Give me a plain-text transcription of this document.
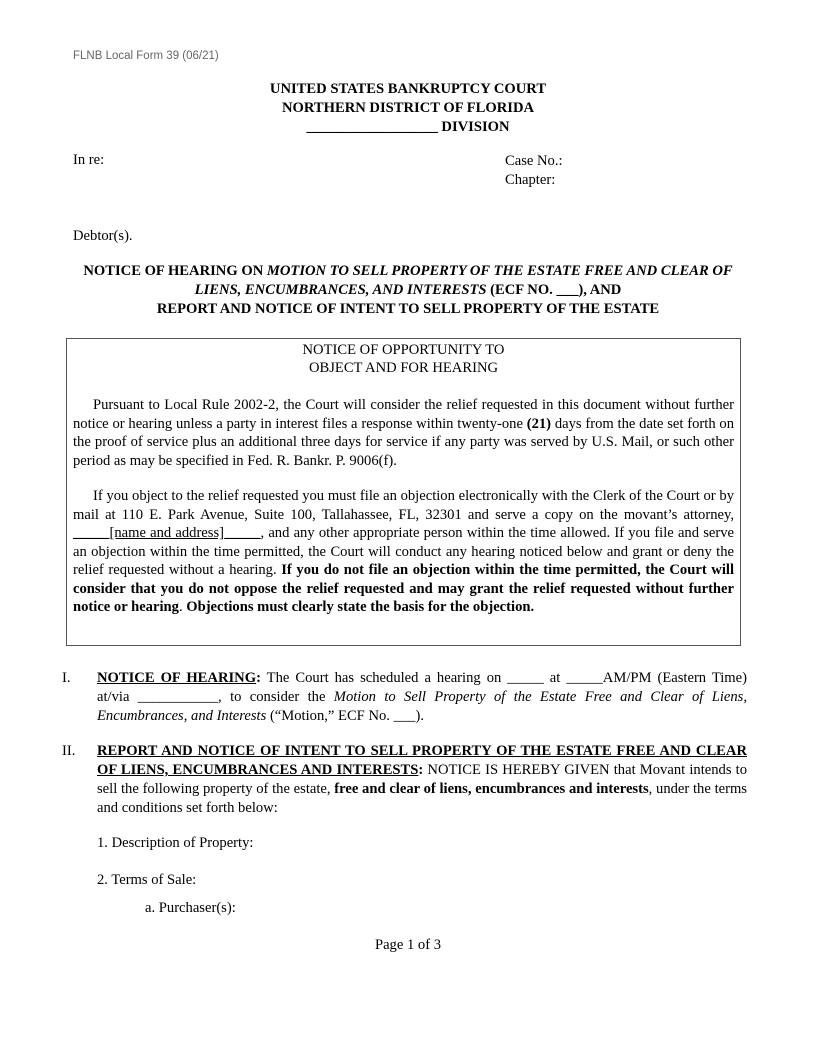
FLNB Local Form 39 (06/21)
UNITED STATES BANKRUPTCY COURT
NORTHERN DISTRICT OF FLORIDA
__________________ DIVISION
In re:	Case No.:
Chapter:
Debtor(s).
NOTICE OF HEARING ON MOTION TO SELL PROPERTY OF THE ESTATE FREE AND CLEAR OF LIENS, ENCUMBRANCES, AND INTERESTS (ECF NO. ___), AND
REPORT AND NOTICE OF INTENT TO SELL PROPERTY OF THE ESTATE
NOTICE OF OPPORTUNITY TO
OBJECT AND FOR HEARING
Pursuant to Local Rule 2002-2, the Court will consider the relief requested in this document without further notice or hearing unless a party in interest files a response within twenty-one (21) days from the date set forth on the proof of service plus an additional three days for service if any party was served by U.S. Mail, or such other period as may be specified in Fed. R. Bankr. P. 9006(f).
If you object to the relief requested you must file an objection electronically with the Clerk of the Court or by mail at 110 E. Park Avenue, Suite 100, Tallahassee, FL, 32301 and serve a copy on the movant’s attorney, _____[name and address]_____, and any other appropriate person within the time allowed. If you file and serve an objection within the time permitted, the Court will conduct any hearing noticed below and grant or deny the relief requested without a hearing. If you do not file an objection within the time permitted, the Court will consider that you do not oppose the relief requested and may grant the relief requested without further notice or hearing. Objections must clearly state the basis for the objection.
I.	NOTICE OF HEARING: The Court has scheduled a hearing on _____ at _____AM/PM (Eastern Time) at/via ___________, to consider the Motion to Sell Property of the Estate Free and Clear of Liens, Encumbrances, and Interests (“Motion,” ECF No. ___).
II.	REPORT AND NOTICE OF INTENT TO SELL PROPERTY OF THE ESTATE FREE AND CLEAR OF LIENS, ENCUMBRANCES AND INTERESTS: NOTICE IS HEREBY GIVEN that Movant intends to sell the following property of the estate, free and clear of liens, encumbrances and interests, under the terms and conditions set forth below:
1. Description of Property:
2. Terms of Sale:
a. Purchaser(s):
Page 1 of 3
